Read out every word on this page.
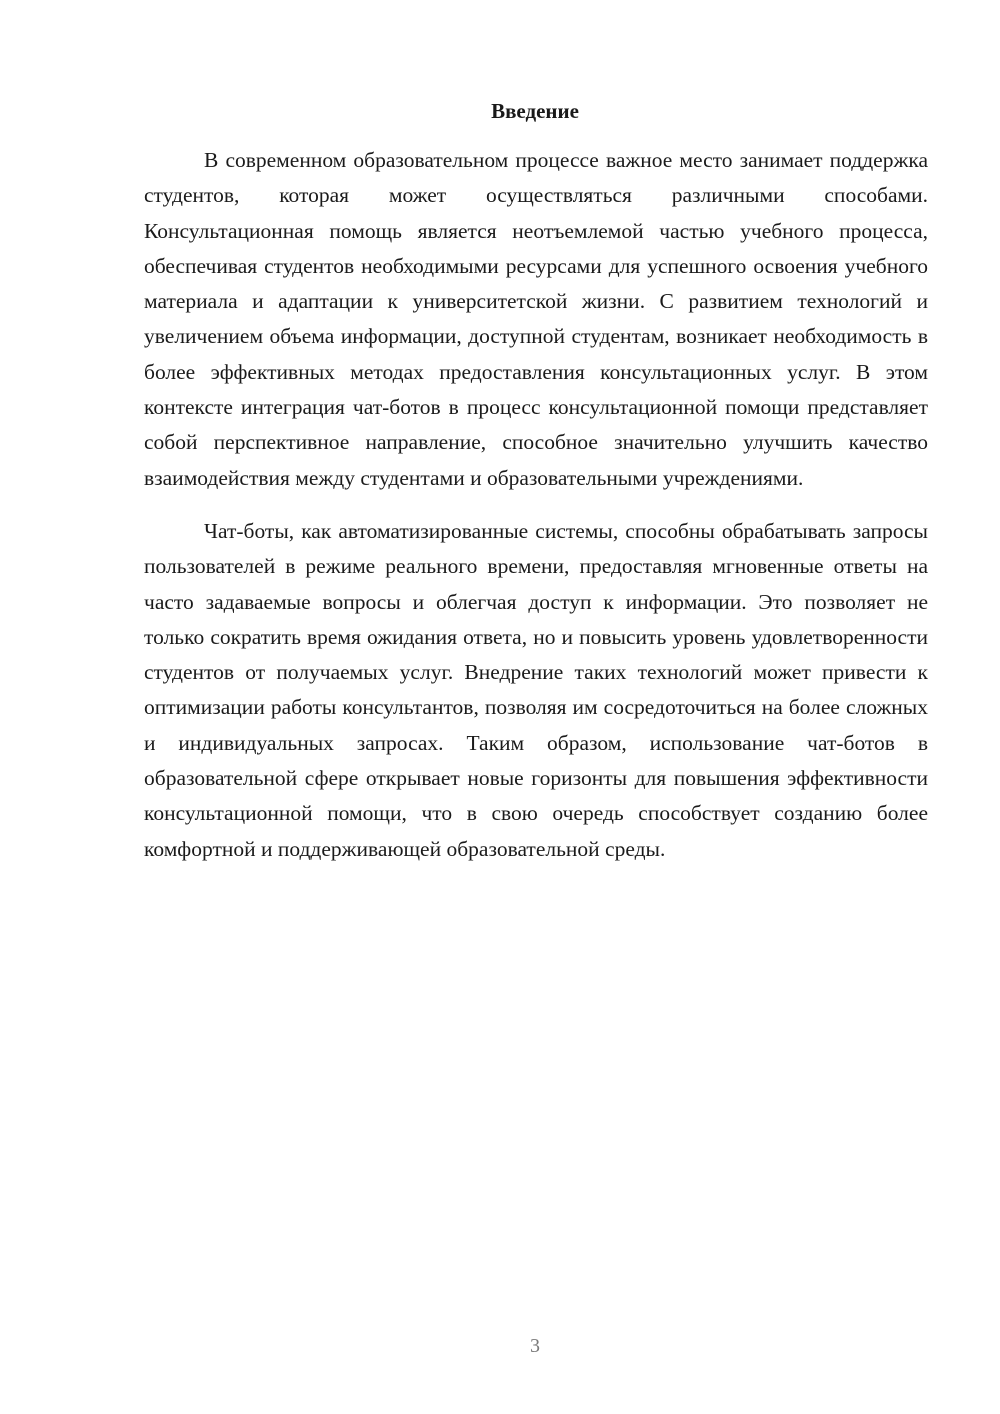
Введение

В современном образовательном процессе важное место занимает поддержка студентов, которая может осуществляться различными способами. Консультационная помощь является неотъемлемой частью учебного процесса, обеспечивая студентов необходимыми ресурсами для успешного освоения учебного материала и адаптации к университетской жизни. С развитием технологий и увеличением объема информации, доступной студентам, возникает необходимость в более эффективных методах предоставления консультационных услуг. В этом контексте интеграция чат-ботов в процесс консультационной помощи представляет собой перспективное направление, способное значительно улучшить качество взаимодействия между студентами и образовательными учреждениями.

Чат-боты, как автоматизированные системы, способны обрабатывать запросы пользователей в режиме реального времени, предоставляя мгновенные ответы на часто задаваемые вопросы и облегчая доступ к информации. Это позволяет не только сократить время ожидания ответа, но и повысить уровень удовлетворенности студентов от получаемых услуг. Внедрение таких технологий может привести к оптимизации работы консультантов, позволяя им сосредоточиться на более сложных и индивидуальных запросах. Таким образом, использование чат-ботов в образовательной сфере открывает новые горизонты для повышения эффективности консультационной помощи, что в свою очередь способствует созданию более комфортной и поддерживающей образовательной среды.

3
